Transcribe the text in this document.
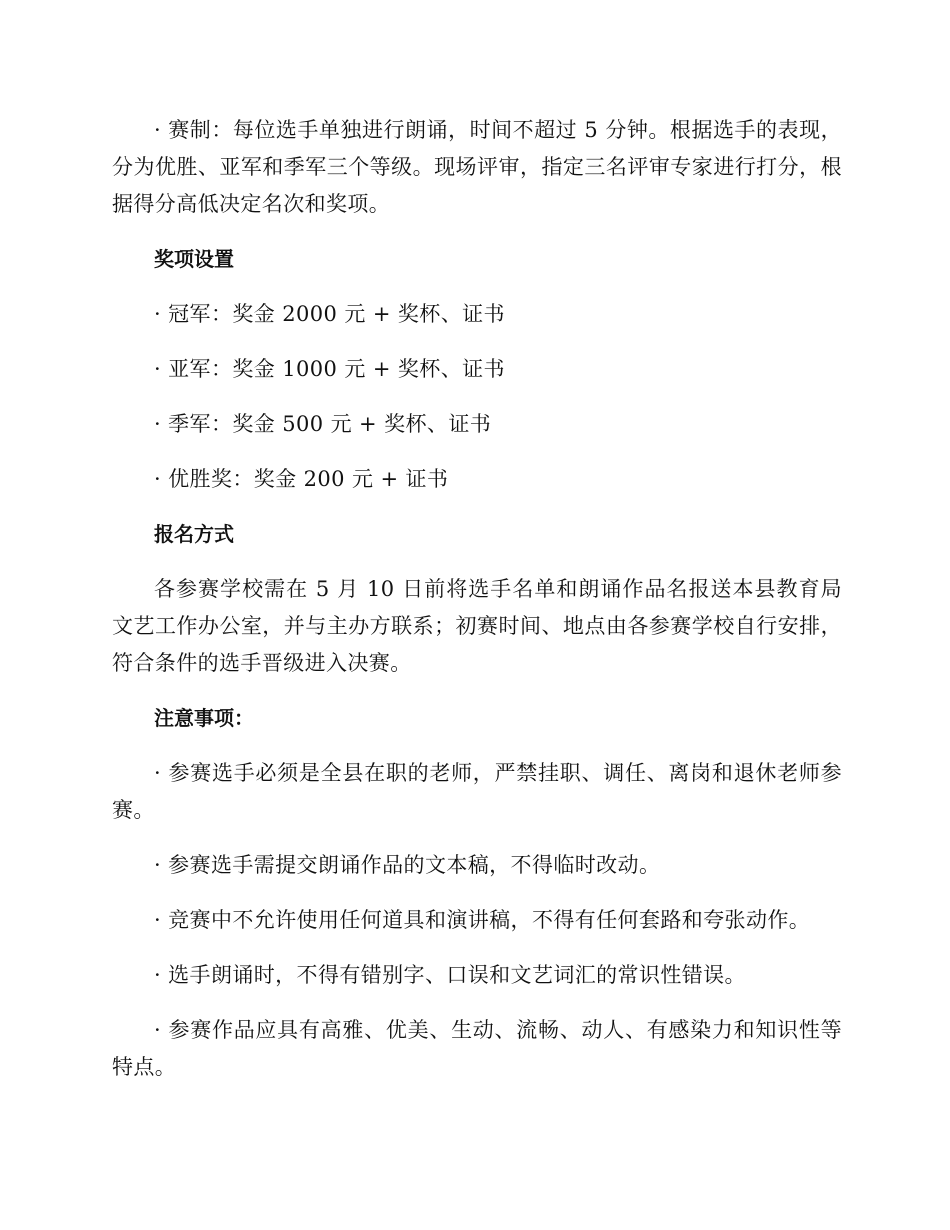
· 赛制：每位选手单独进行朗诵，时间不超过 5 分钟。根据选手的表现，分为优胜、亚军和季军三个等级。现场评审，指定三名评审专家进行打分，根据得分高低决定名次和奖项。

奖项设置

· 冠军：奖金 2000 元 + 奖杯、证书

· 亚军：奖金 1000 元 + 奖杯、证书

· 季军：奖金 500 元 + 奖杯、证书

· 优胜奖：奖金 200 元 + 证书

报名方式

各参赛学校需在 5 月 10 日前将选手名单和朗诵作品名报送本县教育局文艺工作办公室，并与主办方联系；初赛时间、地点由各参赛学校自行安排，符合条件的选手晋级进入决赛。

注意事项：

· 参赛选手必须是全县在职的老师，严禁挂职、调任、离岗和退休老师参赛。

· 参赛选手需提交朗诵作品的文本稿，不得临时改动。

· 竞赛中不允许使用任何道具和演讲稿，不得有任何套路和夸张动作。

· 选手朗诵时，不得有错别字、口误和文艺词汇的常识性错误。

· 参赛作品应具有高雅、优美、生动、流畅、动人、有感染力和知识性等特点。
